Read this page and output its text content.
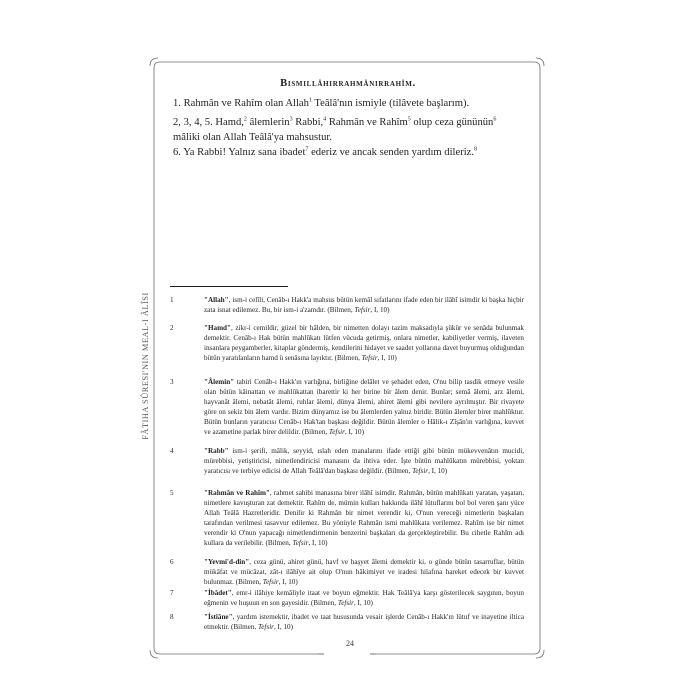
FÂTIHA SÛRESI'NIN MEAL-I ÂLÎSI
Bismillâhirrahmânirrahîm.
1. Rahmân ve Rahîm olan Allah$^1$ Teâlâ'nın ismiyle (tilâvete başlarım).
2, 3, 4, 5. Hamd,$^2$ âlemlerin$^3$ Rabbi,$^4$ Rahmân ve Rahîm$^5$ olup ceza gününün$^6$ mâliki olan Allah Teâlâ'ya mahsustur.
6. Ya Rabbi! Yalnız sana ibadet$^7$ ederiz ve ancak senden yardım dileriz.$^8$
1	"Allah", ism-i celîli, Cenâb-ı Hakk'a mahsus bütün kemâl sıfatlarını ifade eden bir ilâhî isimdir ki başka hiçbir zata isnat edilemez. Bu, bir ism-i a'zamdır. (Bilmen, Tefsir, I, 10)
2	"Hamd", zikr-i cemildir, güzel bir hâlden, bir nimetten dolayı tazim maksadıyla şükür ve senâda bulunmak demektir. Cenâb-ı Hak bütün mahlûkatı lütfen vücuda getirmiş, onlara nimetler, kabiliyetler vermiş, ilaveten insanlara peygamberler, kitaplar göndermiş, kendilerini hidayet ve saadet yollarına davet buyurmuş olduğundan bütün yaratılanların hamd ü senâsına layıktır. (Bilmen, Tefsir, I, 10)
3	"Âlemin" tabiri Cenâb-ı Hakk'ın varlığına, birliğine delâlet ve şehadet eden, O'nu bilip tasdik etmeye vesile olan bütün kâinattan ve mahlûkattan ibarettir ki her birine bir âlem denir. Bunlar; semâ âlemi, arz âlemi, hayvanât âlemi, nebatât âlemi, ruhlar âlemi, dünya âlemi, ahiret âlemi gibi nevilere ayrılmıştır. Bir rivayete göre on sekiz bin âlem vardır. Bizim dünyamız ise bu âlemlerden yalnız biridir. Bütün âlemler birer mahlûktur. Bütün bunların yaratıcısı Cenâb-ı Hak'tan başkası değildir. Bütün âlemler o Hâlik-ı Zîşân'ın varlığına, kuvvet ve azametine parlak birer delildir. (Bilmen, Tefsir, I, 10)
4	"Rabb" ism-i şerifi, mâlik, seyyid, ıslah eden manalarını ifade ettiği gibi bütün mükevvenâtın mucidi, mürebbisi, yetiştiricisi, nimetlendiricisi manasını da ihtiva eder. İşte bütün mahlûkatın mürebbisi, yoktan yaratıcısı ve terbiye edicisi de Allah Teâlâ'dan başkası değildir. (Bilmen, Tefsir, I, 10)
5	"Rahmân ve Rahîm", rahmet sahibi manasına birer ilâhî isimdir. Rahmân, bütün mahlûkatı yaratan, yaşatan, nimetlere kavuşturan zat demektir. Rahîm de, mümin kulları hakkında ilâhî lütuflarını bol bol veren şanı yüce Allah Teâlâ Hazretleridir. Denilir ki Rahmân bir nimet verendir ki, O'nun vereceği nimetlerin başkaları tarafından verilmesi tasavvur edilemez. Bu yönüyle Rahmân ismi mahlûkata verilemez. Rahîm ise bir nimet verendir ki O'nun yapacağı nimetlendirmenin benzerini başkaları da gerçekleştirebilir. Bu cihetle Rahîm adı kullara da verilebilir. (Bilmen, Tefsir, I, 10)
6	"Yevmi'd-din", ceza günü, ahiret günü, havf ve haşyet âlemi demektir ki, o günde bütün tasarruflar, bütün mükâfat ve mücâzat, zât-ı ilâhîye ait olup O'nun hâkimiyet ve iradesi hilafına hareket edecek bir kuvvet bulunmaz. (Bilmen, Tefsir, I, 10)
7	"İbâdet", emr-i ilâhiye kemâliyle itaat ve boyun eğmektir. Hak Teâlâ'ya karşı gösterilecek saygının, boyun eğmenin ve huşuun en son gayesidir. (Bilmen, Tefsir, I, 10)
8	"İstiâne", yardım istemektir, ibadet ve taat hususunda vesair işlerde Cenâb-ı Hakk'ın lütuf ve inayetine iltica etmektir. (Bilmen, Tefsir, I, 10)
24
